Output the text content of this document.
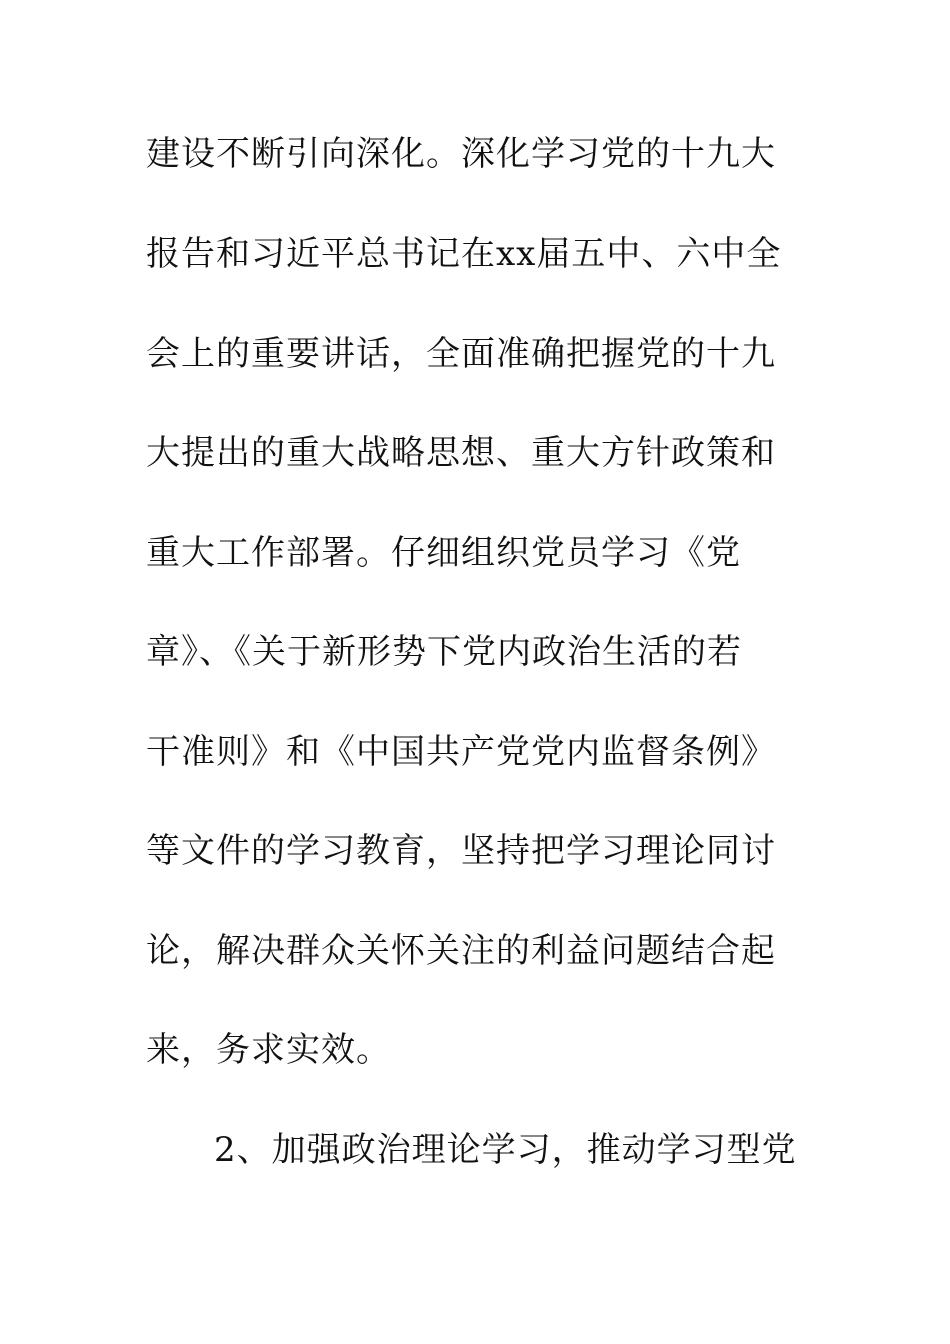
建设不断引向深化。深化学习党的十九大
报告和习近平总书记在xx届五中、六中全
会上的重要讲话，全面准确把握党的十九
大提出的重大战略思想、重大方针政策和
重大工作部署。仔细组织党员学习《党
章》、《关于新形势下党内政治生活的若
干准则》和《中国共产党党内监督条例》
等文件的学习教育，坚持把学习理论同讨
论，解决群众关怀关注的利益问题结合起
来，务求实效。
2、加强政治理论学习，推动学习型党
